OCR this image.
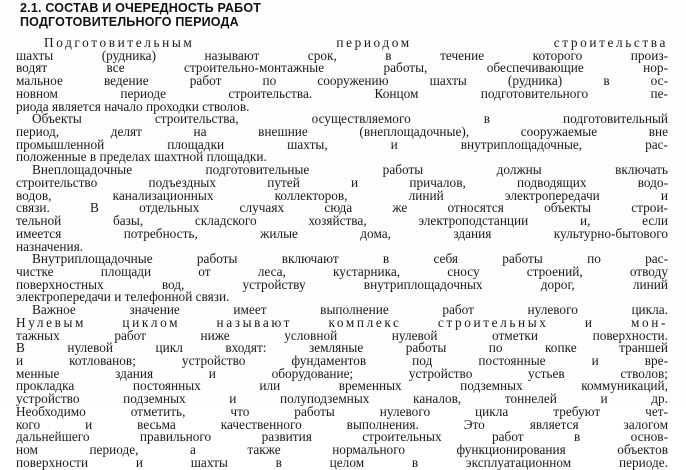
2.1. СОСТАВ И ОЧЕРЕДНОСТЬ РАБОТ
ПОДГОТОВИТЕЛЬНОГО ПЕРИОДА
Подготовительным периодом строительства
шахты (рудника) называют срок, в течение которого произ-
водят все строительно-монтажные работы, обеспечивающие нор-
мальное ведение работ по сооружению шахты (рудника) в ос-
новном периоде строительства. Концом подготовительного пе-
риода является начало проходки стволов.
Объекты строительства, осуществляемого в подготовительный
период, делят на внешние (внеплощадочные), сооружаемые вне
промышленной площадки шахты, и внутриплощадочные, рас-
положенные в пределах шахтной площадки.
Внеплощадочные подготовительные работы должны включать
строительство подъездных путей и причалов, подводящих водо-
водов, канализационных коллекторов, линий электропередачи и
связи. В отдельных случаях сюда же относятся объекты строи-
тельной базы, складского хозяйства, электроподстанции и, если
имеется потребность, жилые дома, здания культурно-бытового
назначения.
Внутриплощадочные работы включают в себя работы по рас-
чистке площади от леса, кустарника, сносу строений, отводу
поверхностных вод, устройству внутриплощадочных дорог, линий
электропередачи и телефонной связи.
Важное значение имеет выполнение работ нулевого цикла.
Нулевым циклом называют комплекс строительных и мон-
тажных работ ниже условной нулевой отметки поверхности.
В нулевой цикл входят: земляные работы по копке траншей
и котлованов; устройство фундаментов под постоянные и вре-
менные здания и оборудование; устройство устьев стволов;
прокладка постоянных или временных подземных коммуникаций,
устройство подземных и полуподземных каналов, тоннелей и др.
Необходимо отметить, что работы нулевого цикла требуют чет-
кого и весьма качественного выполнения. Это является залогом
дальнейшего правильного развития строительных работ в основ-
ном периоде, а также нормального функционирования объектов
поверхности и шахты в целом в эксплуатационном периоде.
